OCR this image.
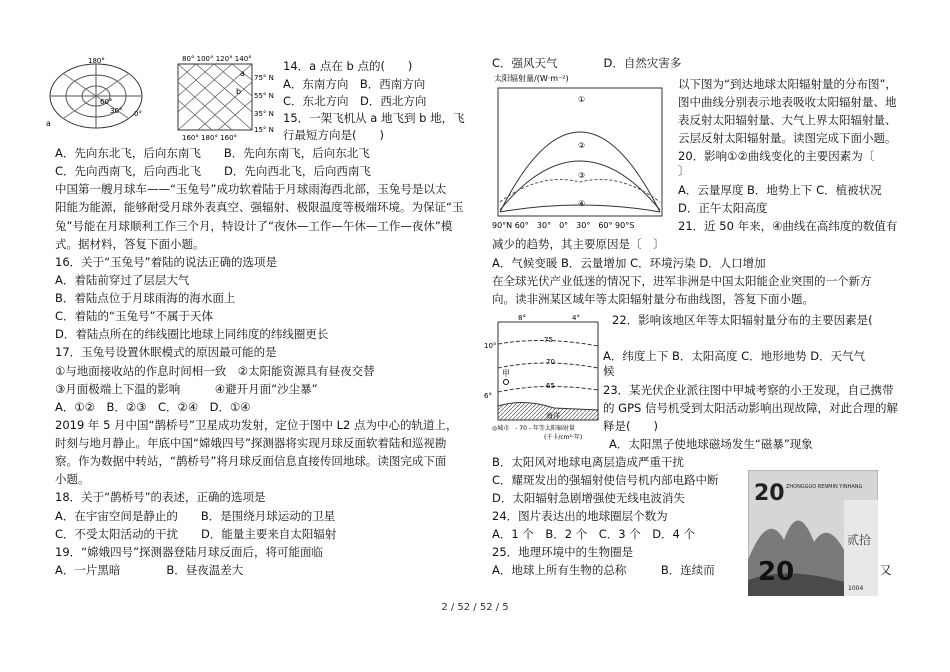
180°
0°
a
60°
30°
80° 100° 120° 140°
75° N
55° N
35° N
15° N
a
b
160° 180° 160°
太阳辐射量/(W·m⁻²)
①
②
③
④
90°N 60°　30°　0°　30°　60° 90°S
8°	4°
10°
6°
75
70
65
甲
海洋
◎城市　- 70 - 年等太阳辐射量
(千卡/cm²·年)
20 ZHONGGUO RENMIN YINHANG
贰拾
20
1004
14．a 点在 b 点的(　　)
A．东南方向　B．西南方向
C．东北方向　D．西北方向
15．一架飞机从 a 地飞到 b 地，飞
行最短方向是(　　)
A．先向东北飞，后向东南飞　　B．先向东南飞，后向东北飞
C．先向西南飞，后向西北飞　　D．先向西北飞，后向西南飞
中国第一艘月球车——“玉兔号”成功软着陆于月球雨海西北部，玉兔号是以太
阳能为能源，能够耐受月球外表真空、强辐射、极限温度等极端环境。为保证“玉
兔”号能在月球顺利工作三个月，特设计了“夜休—工作—午休—工作—夜休”模
式。据材料，答复下面小题。
16．关于“玉兔号”着陆的说法正确的选项是
A．着陆前穿过了层层大气
B．着陆点位于月球雨海的海水面上
C．着陆的“玉兔号”不属于天体
D．着陆点所在的纬线圈比地球上同纬度的纬线圈更长
17．玉兔号设置休眠模式的原因最可能的是
①与地面接收站的作息时间相一致　②太阳能资源具有昼夜交替
③月面极端上下温的影响　　　④避开月面“沙尘暴”
A．①②　B．②③　C．②④　D．①④
2019 年 5 月中国“鹊桥号”卫星成功发射，定位于图中 L2 点为中心的轨道上，
时刻与地月静止。年底中国“嫦娥四号”探测器将实现月球反面软着陆和巡视勘
察。作为数据中转站，“鹊桥号”将月球反面信息直接传回地球。读图完成下面
小题。
18．关于“鹊桥号”的表述，正确的选项是
A．在宇宙空间是静止的　　B．是围绕月球运动的卫星
C．不受太阳活动的干扰　　D．能量主要来自太阳辐射
19．“嫦娥四号”探测器登陆月球反面后，将可能面临
A．一片黑暗　　　　B．昼夜温差大
C．强风天气　　　　D．自然灾害多
以下图为“到达地球太阳辐射量的分布图”，
图中曲线分别表示地表吸收太阳辐射量、地
表反射太阳辐射量、大气上界太阳辐射量、
云层反射太阳辐射量。读图完成下面小题。
20．影响①②曲线变化的主要因素为〔
〕
A．云量厚度 B．地势上下 C．植被状况
D．正午太阳高度
21．近 50 年来，④曲线在高纬度的数值有
减少的趋势，其主要原因是〔　〕
A．气候变暖 B．云量增加 C．环境污染 D．人口增加
在全球光伏产业低迷的情况下，进军非洲是中国太阳能企业突围的一个新方
向。读非洲某区域年等太阳辐射量分布曲线图，答复下面小题。
22．影响该地区年等太阳辐射量分布的主要因素是(
A．纬度上下 B．太阳高度 C．地形地势 D．天气气
候
23．某光伏企业派往图中甲城考察的小王发现，自己携带
的 GPS 信号机受到太阳活动影响出现故障，对此合理的解
释是(　　)
A．太阳黑子使地球磁场发生“磁暴”现象
B．太阳风对地球电离层造成严重干扰
C．耀斑发出的强辐射使信号机内部电路中断
D．太阳辐射急剧增强使无线电波消失
24．图片表达出的地球圈层个数为
A．1 个　B．2 个　C．3 个　D．4 个
25．地理环境中的生物圈是
A．地球上所有生物的总称　　　B．连续而	又
2 / 52 / 52 / 5
